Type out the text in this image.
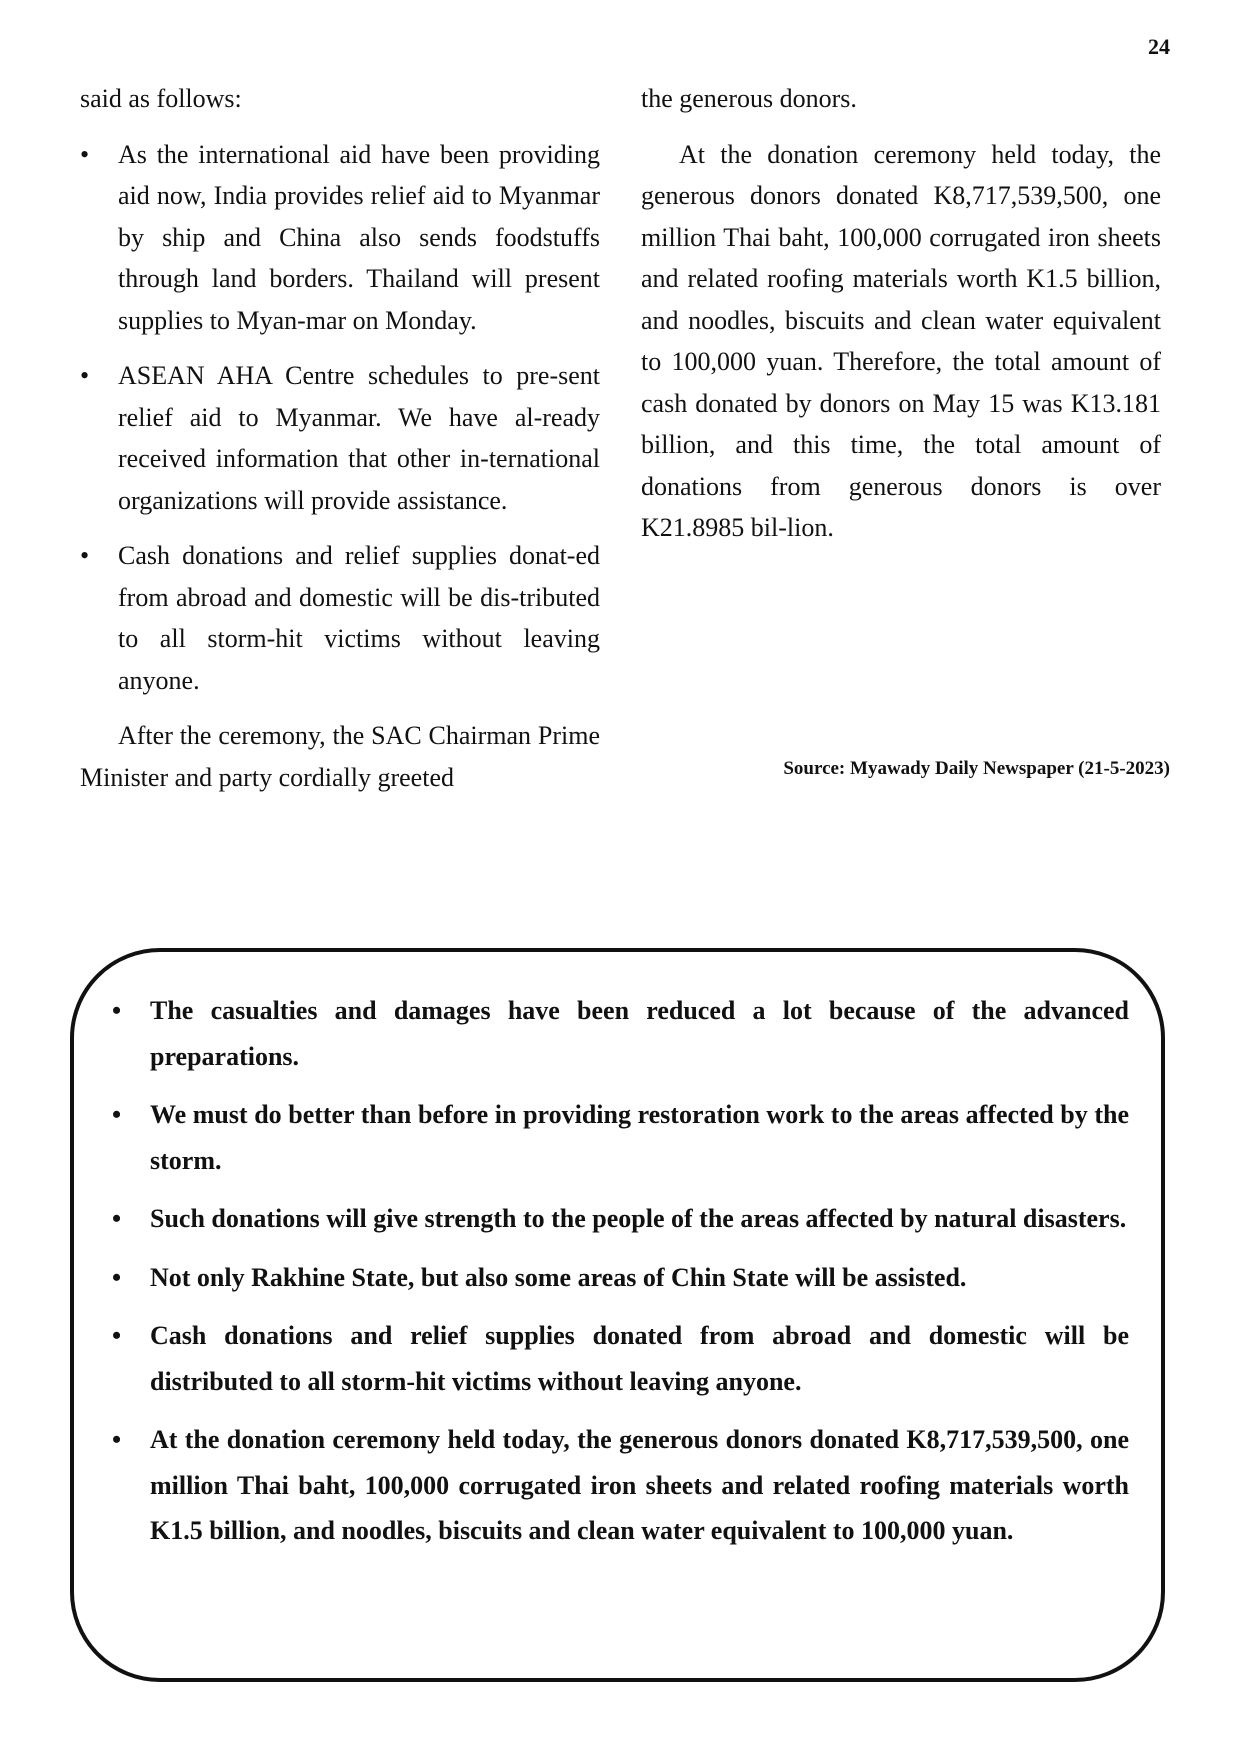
24

said as follows:

• As the international aid have been providing aid now, India provides relief aid to Myanmar by ship and China also sends foodstuffs through land borders. Thailand will present supplies to Myan-mar on Monday.
• ASEAN AHA Centre schedules to pre-sent relief aid to Myanmar. We have al-ready received information that other in-ternational organizations will provide assistance.
• Cash donations and relief supplies donat-ed from abroad and domestic will be dis-tributed to all storm-hit victims without leaving anyone.

After the ceremony, the SAC Chairman Prime Minister and party cordially greeted

the generous donors.

At the donation ceremony held today, the generous donors donated K8,717,539,500, one million Thai baht, 100,000 corrugated iron sheets and related roofing materials worth K1.5 billion, and noodles, biscuits and clean water equivalent to 100,000 yuan. Therefore, the total amount of cash donated by donors on May 15 was K13.181 billion, and this time, the total amount of donations from generous donors is over K21.8985 bil-lion.

Source: Myawady Daily Newspaper (21-5-2023)
• The casualties and damages have been reduced a lot because of the advanced preparations.
• We must do better than before in providing restoration work to the areas affected by the storm.
• Such donations will give strength to the people of the areas affected by natural disasters.
• Not only Rakhine State, but also some areas of Chin State will be assisted.
• Cash donations and relief supplies donated from abroad and domestic will be distributed to all storm-hit victims without leaving anyone.
• At the donation ceremony held today, the generous donors donated K8,717,539,500, one million Thai baht, 100,000 corrugated iron sheets and related roofing materials worth K1.5 billion, and noodles, biscuits and clean water equivalent to 100,000 yuan.
